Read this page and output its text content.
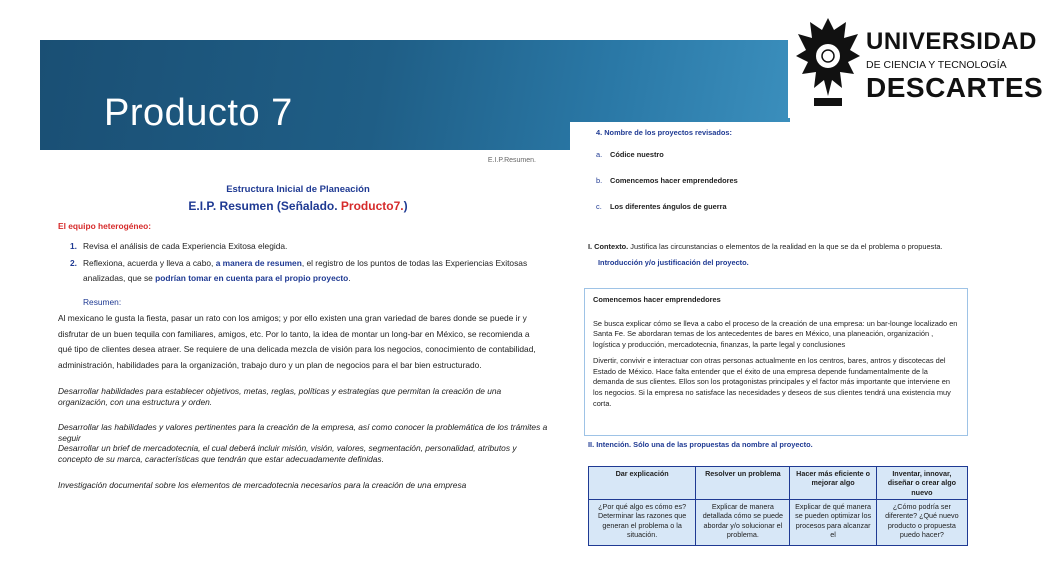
Producto 7
UNIVERSIDAD
DE CIENCIA Y TECNOLOGÍA
DESCARTES
E.I.P.Resumen.
Estructura Inicial de Planeación
E.I.P. Resumen (Señalado. Producto7.)
El equipo heterogéneo:
1. Revisa el análisis de cada Experiencia Exitosa elegida.
2. Reflexiona, acuerda y lleva a cabo, a manera de resumen, el registro de los puntos de todas las Experiencias Exitosas
analizadas, que se podrían tomar en cuenta para el propio proyecto.
Resumen:
Al mexicano le gusta la fiesta, pasar un rato con los amigos; y por ello existen una gran variedad de bares donde se puede ir y disfrutar de un buen tequila con familiares, amigos, etc. Por lo tanto, la idea de montar un long-bar en México, se recomienda a qué tipo de clientes desea atraer. Se requiere de una delicada mezcla de visión para los negocios, conocimiento de contabilidad, administración, habilidades para la organización, trabajo duro y un plan de negocios para el bar bien estructurado.
Desarrollar habilidades para establecer objetivos, metas, reglas, políticas y estrategias que permitan la creación de una organización, con una estructura y orden.
Desarrollar las habilidades y valores pertinentes para la creación de la empresa, así como conocer la problemática de los trámites a seguir
Desarrollar un brief de mercadotecnia, el cual deberá incluir misión, visión, valores, segmentación, personalidad, atributos y concepto de su marca, características que tendrán que estar adecuadamente definidas.
Investigación documental sobre los elementos de mercadotecnia necesarios para la creación de una empresa
4. Nombre de los proyectos revisados:
a. Códice nuestro
b. Comencemos hacer emprendedores
c. Los diferentes ángulos de guerra
I. Contexto. Justifica las circunstancias o elementos de la realidad en la que se da el problema o propuesta.
Introducción y/o justificación del proyecto.
Comencemos hacer emprendedores

Se busca explicar cómo se lleva a cabo el proceso de la creación de una empresa: un bar-lounge localizado en Santa Fe. Se abordaran temas de los antecedentes de bares en México, una planeación, organización , logística y producción, mercadotecnia, finanzas, la parte legal y conclusiones

Divertir, convivir e interactuar con otras personas actualmente en los centros, bares, antros y discotecas del Estado de México. Hace falta entender que el éxito de una empresa depende fundamentalmente de la demanda de sus clientes. Ellos son los protagonistas principales y el factor más importante que interviene en los negocios. Si la empresa no satisface las necesidades y deseos de sus clientes tendrá una existencia muy corta.

II. Intención. Sólo una de las propuestas da nombre al proyecto.
Dar explicación	Resolver un problema	Hacer más eficiente o mejorar algo	Inventar, innovar, diseñar o crear algo nuevo
¿Por qué algo es cómo es? Determinar las razones que generan el problema o la situación.	Explicar de manera detallada cómo se puede abordar y/o solucionar el problema.	Explicar de qué manera se pueden optimizar los procesos para alcanzar el	¿Cómo podría ser diferente? ¿Qué nuevo producto o propuesta puedo hacer?
